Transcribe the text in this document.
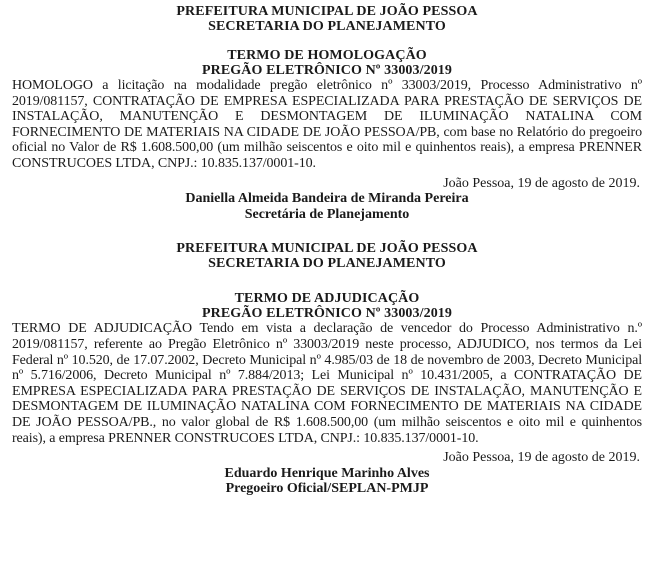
PREFEITURA MUNICIPAL DE JOÃO PESSOA
SECRETARIA DO PLANEJAMENTO
TERMO DE HOMOLOGAÇÃO
PREGÃO ELETRÔNICO Nº 33003/2019

HOMOLOGO a licitação na modalidade pregão eletrônico nº 33003/2019, Processo Administrativo nº 2019/081157, CONTRATAÇÃO DE EMPRESA ESPECIALIZADA PARA PRESTAÇÃO DE SERVIÇOS DE INSTALAÇÃO, MANUTENÇÃO E DESMONTAGEM DE ILUMINAÇÃO NATALINA COM FORNECIMENTO DE MATERIAIS NA CIDADE DE JOÃO PESSOA/PB, com base no Relatório do pregoeiro oficial no Valor de R$ 1.608.500,00 (um milhão seiscentos e oito mil e quinhentos reais), a empresa PRENNER CONSTRUCOES LTDA, CNPJ.: 10.835.137/0001-10.

João Pessoa, 19 de agosto de 2019.
Daniella Almeida Bandeira de Miranda Pereira
Secretária de Planejamento
PREFEITURA MUNICIPAL DE JOÃO PESSOA
SECRETARIA DO PLANEJAMENTO
TERMO DE ADJUDICAÇÃO
PREGÃO ELETRÔNICO Nº 33003/2019

TERMO DE ADJUDICAÇÃO Tendo em vista a declaração de vencedor do Processo Administrativo n.º 2019/081157, referente ao Pregão Eletrônico nº 33003/2019 neste processo, ADJUDICO, nos termos da Lei Federal nº 10.520, de 17.07.2002, Decreto Municipal nº 4.985/03 de 18 de novembro de 2003, Decreto Municipal nº 5.716/2006, Decreto Municipal nº 7.884/2013; Lei Municipal nº 10.431/2005, a CONTRATAÇÃO DE EMPRESA ESPECIALIZADA PARA PRESTAÇÃO DE SERVIÇOS DE INSTALAÇÃO, MANUTENÇÃO E DESMONTAGEM DE ILUMINAÇÃO NATALINA COM FORNECIMENTO DE MATERIAIS NA CIDADE DE JOÃO PESSOA/PB., no valor global de R$ 1.608.500,00 (um milhão seiscentos e oito mil e quinhentos reais), a empresa PRENNER CONSTRUCOES LTDA, CNPJ.: 10.835.137/0001-10.

João Pessoa, 19 de agosto de 2019.
Eduardo Henrique Marinho Alves
Pregoeiro Oficial/SEPLAN-PMJP
